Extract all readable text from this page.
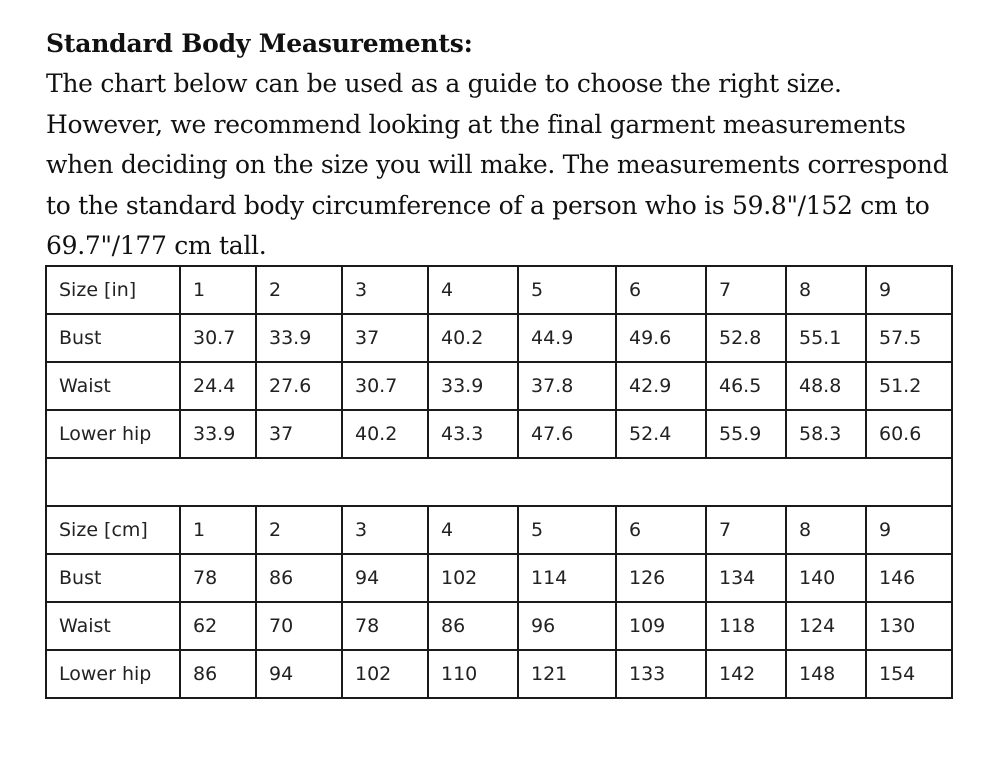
Standard Body Measurements:

The chart below can be used as a guide to choose the right size. However, we recommend looking at the final garment measurements when deciding on the size you will make. The measurements correspond to the standard body circumference of a person who is 59.8"/152 cm to 69.7"/177 cm tall.

Size [in]	1	2	3	4	5	6	7	8	9
Bust	30.7	33.9	37	40.2	44.9	49.6	52.8	55.1	57.5
Waist	24.4	27.6	30.7	33.9	37.8	42.9	46.5	48.8	51.2
Lower hip	33.9	37	40.2	43.3	47.6	52.4	55.9	58.3	60.6

Size [cm]	1	2	3	4	5	6	7	8	9
Bust	78	86	94	102	114	126	134	140	146
Waist	62	70	78	86	96	109	118	124	130
Lower hip	86	94	102	110	121	133	142	148	154
